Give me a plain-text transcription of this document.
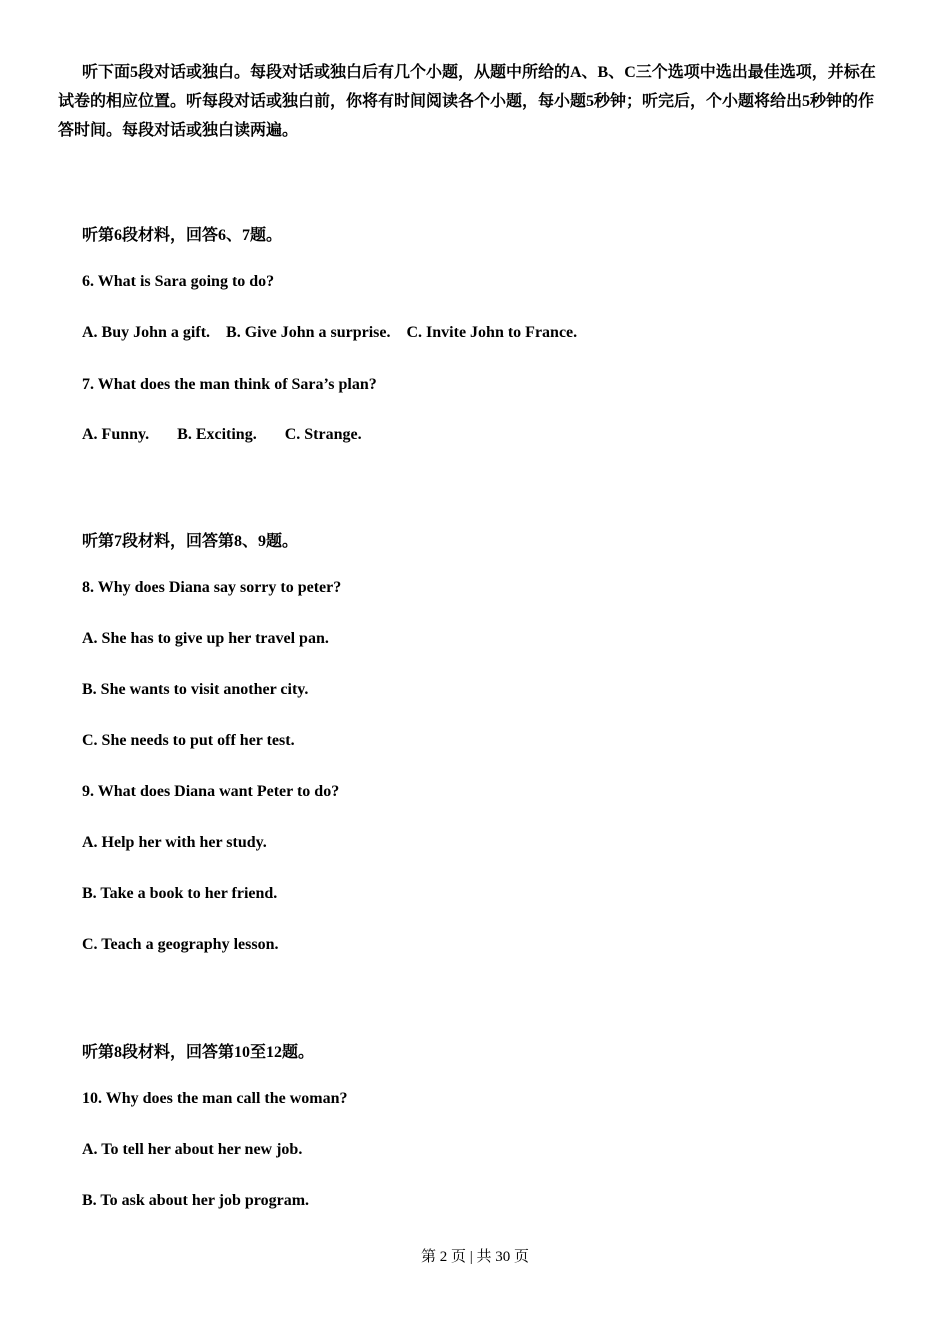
听下面5段对话或独白。每段对话或独白后有几个小题，从题中所给的A、B、C三个选项中选出最佳选项，并标在试卷的相应位置。听每段对话或独白前，你将有时间阅读各个小题，每小题5秒钟；听完后，个小题将给出5秒钟的作答时间。每段对话或独白读两遍。
听第6段材料，回答6、7题。
6. What is Sara going to do?
A. Buy John a gift.    B. Give John a surprise.    C. Invite John to France.
7. What does the man think of Sara’s plan?
A. Funny.       B. Exciting.       C. Strange.
听第7段材料，回答第8、9题。
8. Why does Diana say sorry to peter?
A. She has to give up her travel pan.
B. She wants to visit another city.
C. She needs to put off her test.
9. What does Diana want Peter to do?
A. Help her with her study.
B. Take a book to her friend.
C. Teach a geography lesson.
听第8段材料，回答第10至12题。
10. Why does the man call the woman?
A. To tell her about her new job.
B. To ask about her job program.
第 2 页 | 共 30 页
